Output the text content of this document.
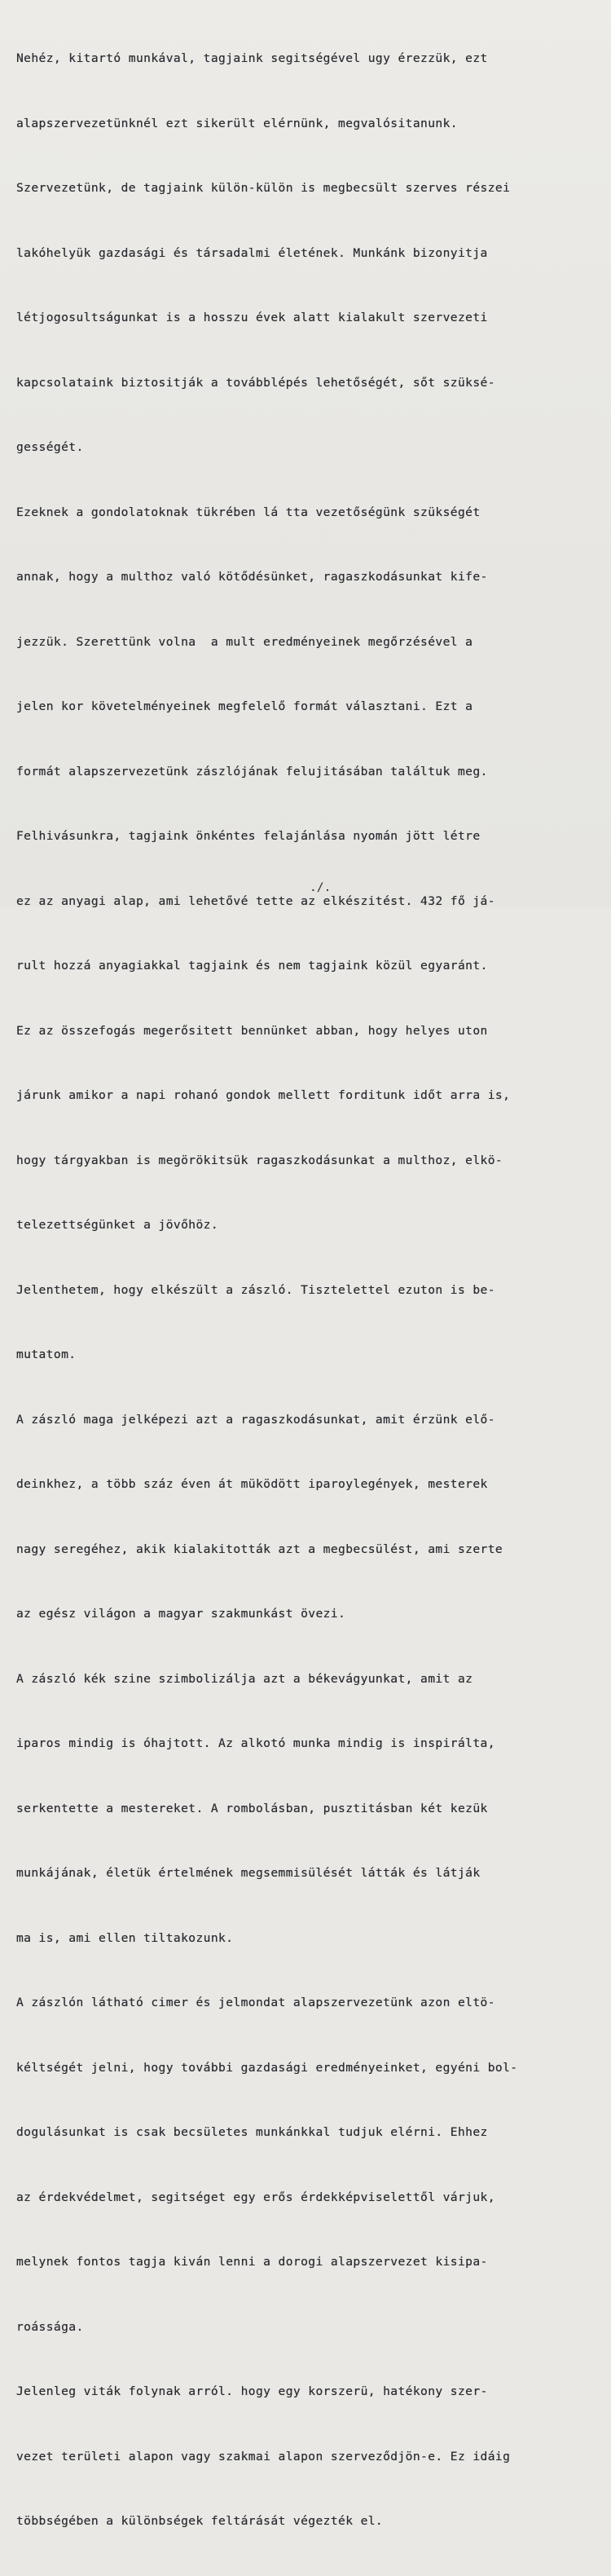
Nehéz, kitartó munkával, tagjaink segitségével ugy érezzük, ezt

alapszervezetünknél ezt sikerült elérnünk, megvalósitanunk.

Szervezetünk, de tagjaink külön-külön is megbecsült szerves részei

lakóhelyük gazdasági és társadalmi életének. Munkánk bizonyitja

létjogosultságunkat is a hosszu évek alatt kialakult szervezeti

kapcsolataink biztositják a továbblépés lehetőségét, sőt szüksé-

gességét.

Ezeknek a gondolatoknak tükrében lá tta vezetőségünk szükségét

annak, hogy a multhoz való kötődésünket, ragaszkodásunkat kife-

jezzük. Szerettünk volna  a mult eredményeinek megőrzésével a

jelen kor követelményeinek megfelelő formát választani. Ezt a

formát alapszervezetünk zászlójának felujitásában találtuk meg.

Felhivásunkra, tagjaink önkéntes felajánlása nyomán jött létre

ez az anyagi alap, ami lehetővé tette az elkészitést. 432 fő já-

rult hozzá anyagiakkal tagjaink és nem tagjaink közül egyaránt.

Ez az összefogás megerősitett bennünket abban, hogy helyes uton

járunk amikor a napi rohanó gondok mellett forditunk időt arra is,

hogy tárgyakban is megörökitsük ragaszkodásunkat a multhoz, elkö-

telezettségünket a jövőhöz.

Jelenthetem, hogy elkészült a zászló. Tisztelettel ezuton is be-

mutatom.

A zászló maga jelképezi azt a ragaszkodásunkat, amit érzünk elő-

deinkhez, a több száz éven át müködött iparoylegények, mesterek

nagy seregéhez, akik kialakitották azt a megbecsülést, ami szerte

az egész világon a magyar szakmunkást övezi.

A zászló kék szine szimbolizálja azt a békevágyunkat, amit az

iparos mindig is óhajtott. Az alkotó munka mindig is inspirálta,

serkentette a mestereket. A rombolásban, pusztitásban két kezük

munkájának, életük értelmének megsemmisülését látták és látják

ma is, ami ellen tiltakozunk.

A zászlón látható cimer és jelmondat alapszervezetünk azon eltö-

kéltségét jelni, hogy további gazdasági eredményeinket, egyéni bol-

dogulásunkat is csak becsületes munkánkkal tudjuk elérni. Ehhez

az érdekvédelmet, segitséget egy erős érdekképviselettől várjuk,

melynek fontos tagja kiván lenni a dorogi alapszervezet kisipa-

roássága.

Jelenleg viták folynak arról. hogy egy korszerü, hatékony szer-

vezet területi alapon vagy szakmai alapon szerveződjön-e. Ez idáig

többségében a különbségek feltárását végezték el.

./.
